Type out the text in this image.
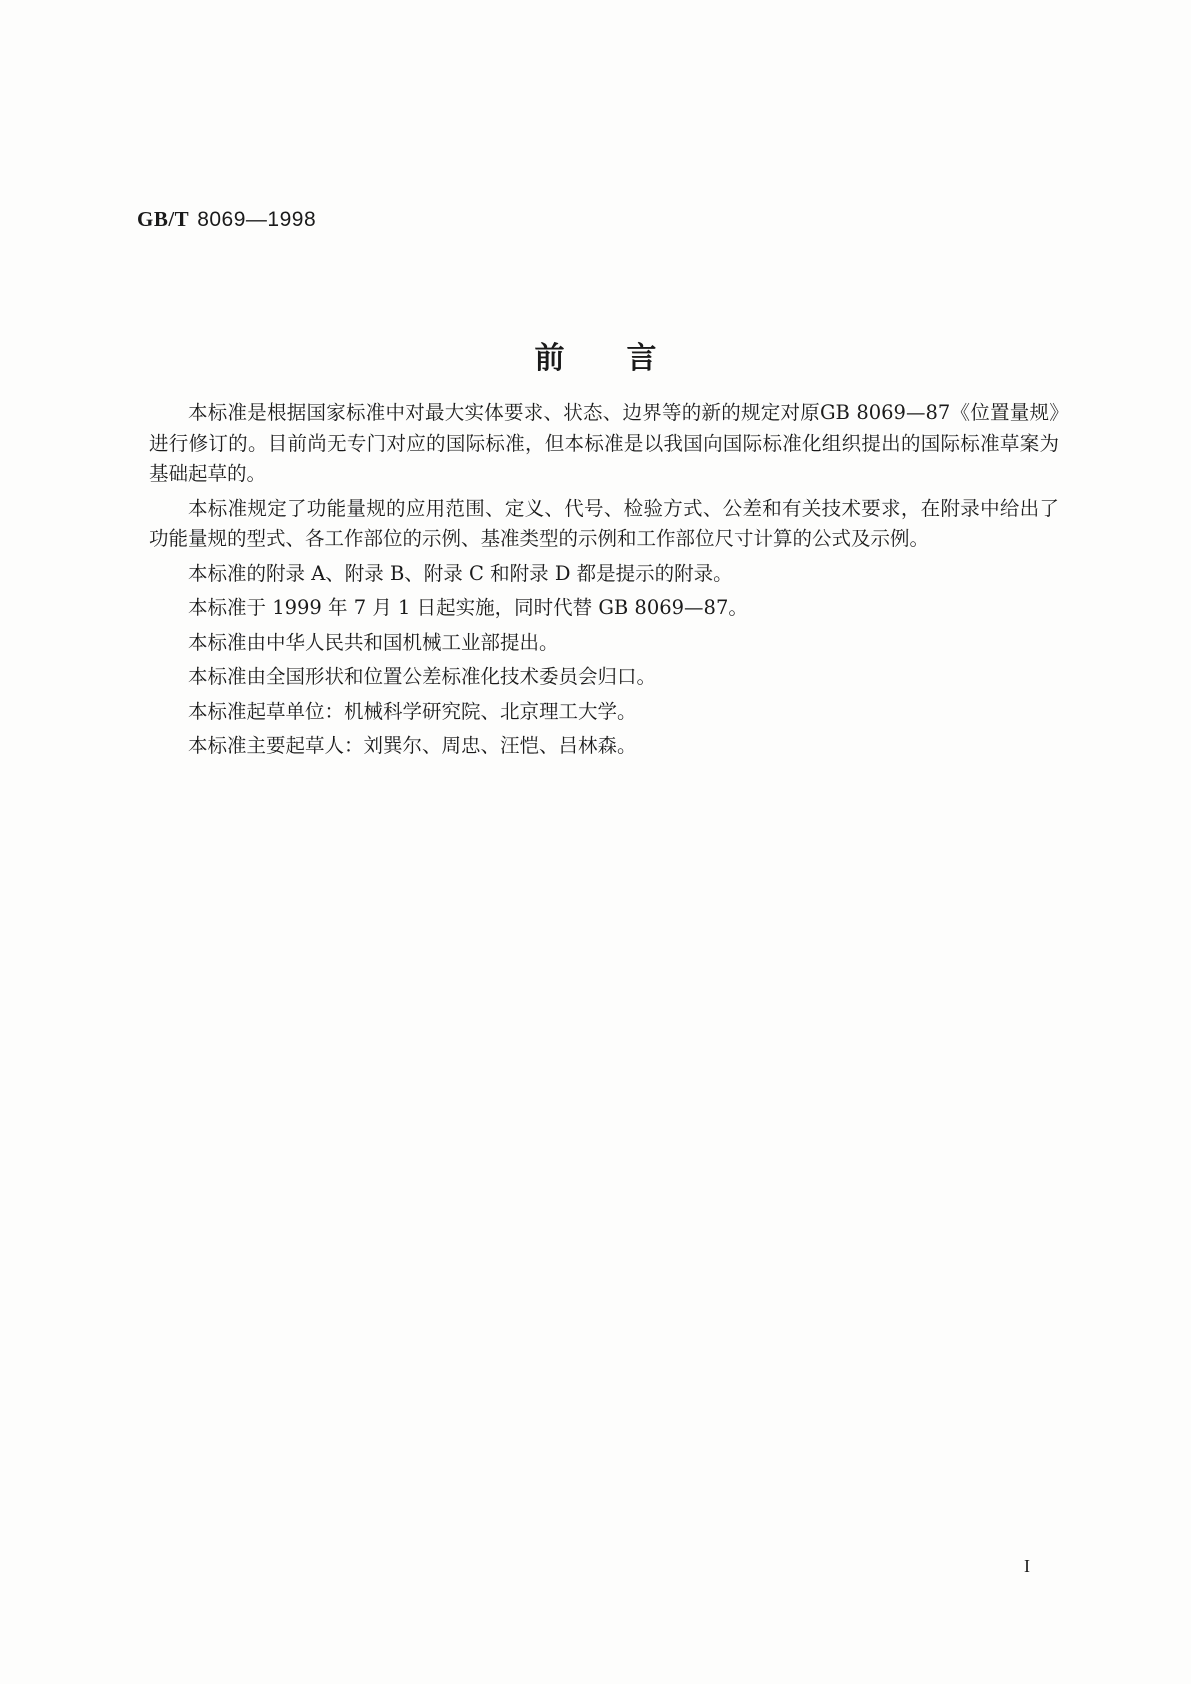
GB/T 8069—1998
前言

本标准是根据国家标准中对最大实体要求、状态、边界等的新的规定对原GB 8069—87《位置量规》进行修订的。目前尚无专门对应的国际标准，但本标准是以我国向国际标准化组织提出的国际标准草案为基础起草的。

本标准规定了功能量规的应用范围、定义、代号、检验方式、公差和有关技术要求，在附录中给出了功能量规的型式、各工作部位的示例、基准类型的示例和工作部位尺寸计算的公式及示例。

本标准的附录 A、附录 B、附录 C 和附录 D 都是提示的附录。

本标准于 1999 年 7 月 1 日起实施，同时代替 GB 8069—87。

本标准由中华人民共和国机械工业部提出。

本标准由全国形状和位置公差标准化技术委员会归口。

本标准起草单位：机械科学研究院、北京理工大学。

本标准主要起草人：刘巽尔、周忠、汪恺、吕林森。

I
